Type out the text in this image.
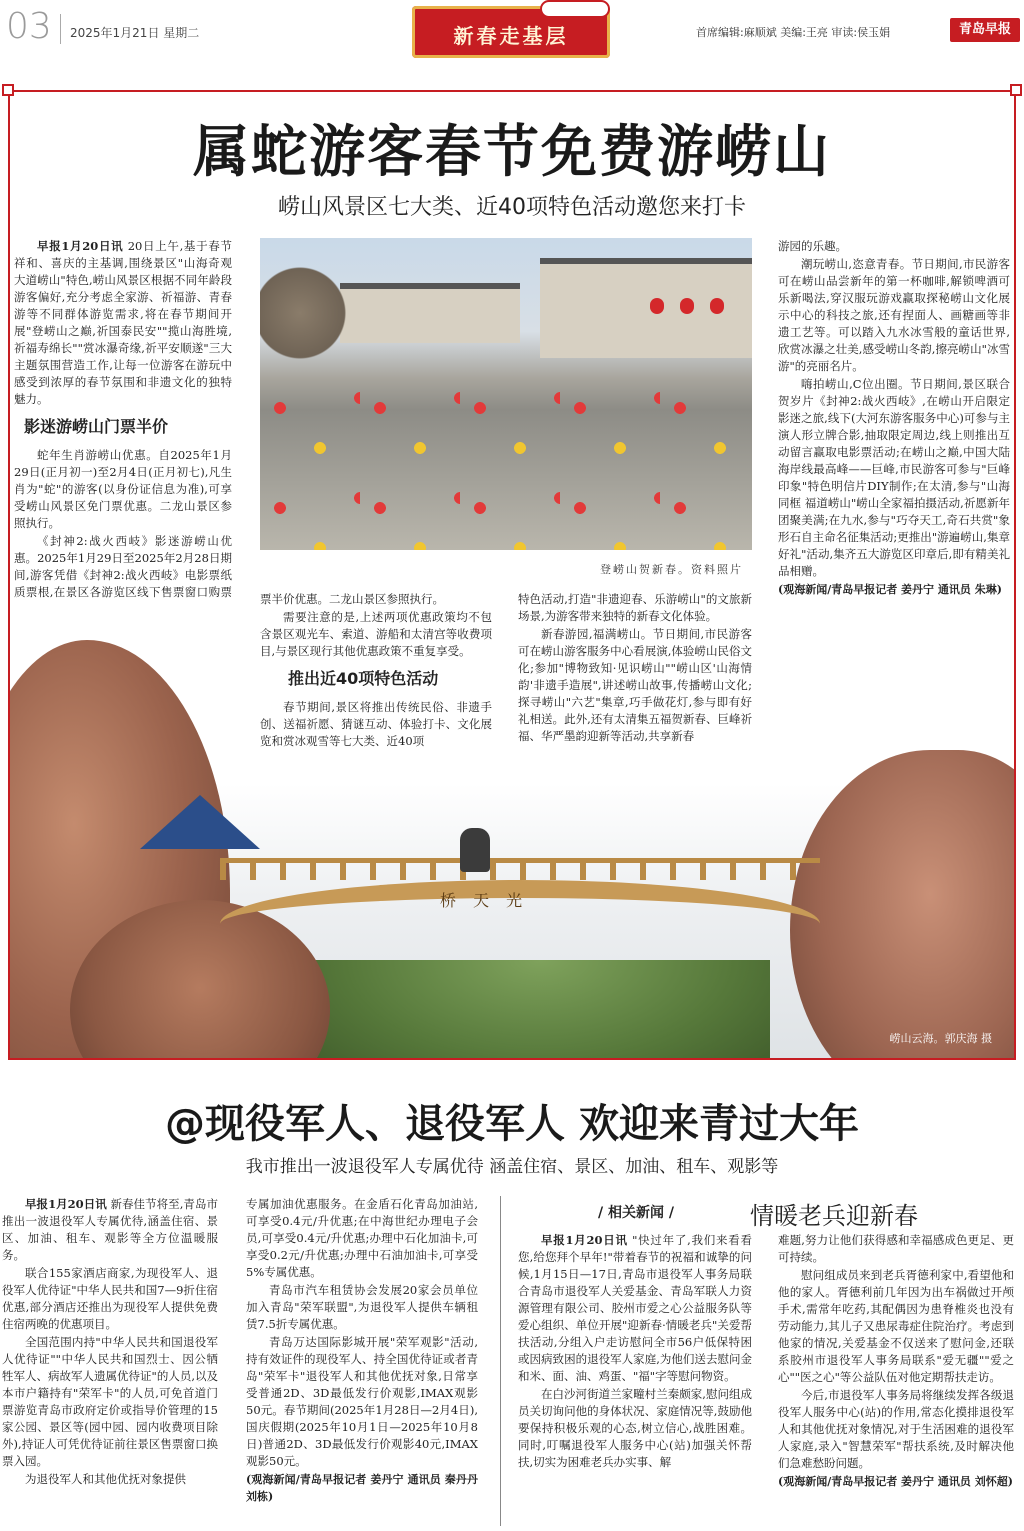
03 2025年1月21日 星期二	新春走基层	首席编辑:麻顺斌 美编:王亮 审读:侯玉娟	青岛早报
属蛇游客春节免费游崂山
崂山风景区七大类、近40项特色活动邀您来打卡

早报1月20日讯 20日上午,基于春节祥和、喜庆的主基调,围绕景区"山海奇观 大道崂山"特色,崂山风景区根据不同年龄段游客偏好,充分考虑全家游、祈福游、青春游等不同群体游览需求,将在春节期间开展"登崂山之巅,祈国泰民安""揽山海胜境,祈福寿绵长""赏冰瀑奇缘,祈平安顺遂"三大主题氛围营造工作,让每一位游客在游玩中感受到浓厚的春节氛围和非遗文化的独特魅力。

影迷游崂山门票半价

蛇年生肖游崂山优惠。自2025年1月29日(正月初一)至2月4日(正月初七),凡生肖为"蛇"的游客(以身份证信息为准),可享受崂山风景区免门票优惠。二龙山景区参照执行。

《封神2:战火西岐》影迷游崂山优惠。2025年1月29日至2025年2月28日期间,游客凭借《封神2:战火西岐》电影票纸质票根,在景区各游览区线下售票窗口购票

登崂山贺新春。资料照片
桥 天 光
崂山云海。郭庆海 摄

票半价优惠。二龙山景区参照执行。

需要注意的是,上述两项优惠政策均不包含景区观光车、索道、游船和太清宫等收费项目,与景区现行其他优惠政策不重复享受。

推出近40项特色活动

春节期间,景区将推出传统民俗、非遗手创、送福祈愿、猜谜互动、体验打卡、文化展览和赏冰观雪等七大类、近40项

特色活动,打造"非遗迎春、乐游崂山"的文旅新场景,为游客带来独特的新春文化体验。

新春游园,福满崂山。节日期间,市民游客可在崂山游客服务中心看展演,体验崂山民俗文化;参加"博物致知·见识崂山""崂山区'山海情韵'非遗手造展",讲述崂山故事,传播崂山文化;探寻崂山"六艺"集章,巧手做花灯,参与即有好礼相送。此外,还有太清集五福贺新春、巨峰祈福、华严墨韵迎新等活动,共享新春

游园的乐趣。

潮玩崂山,恣意青春。节日期间,市民游客可在崂山品尝新年的第一杯咖啡,解锁啤酒可乐新喝法,穿汉服玩游戏赢取探秘崂山文化展示中心的科技之旅,还有捏面人、画糖画等非遗工艺等。可以踏入九水冰雪般的童话世界,欣赏冰瀑之壮美,感受崂山冬韵,擦亮崂山"冰雪游"的亮丽名片。

嗨拍崂山,C位出圈。节日期间,景区联合贺岁片《封神2:战火西岐》,在崂山开启限定影迷之旅,线下(大河东游客服务中心)可参与主演人形立牌合影,抽取限定周边,线上则推出互动留言赢取电影票活动;在崂山之巅,中国大陆海岸线最高峰——巨峰,市民游客可参与"巨峰印象"特色明信片DIY制作;在太清,参与"山海同框 福道崂山"崂山全家福拍摄活动,祈愿新年团聚美满;在九水,参与"巧夺天工,奇石共赏"象形石自主命名征集活动;更推出"游遍崂山,集章好礼"活动,集齐五大游览区印章后,即有精美礼品相赠。

(观海新闻/青岛早报记者 姜丹宁 通讯员 朱琳)

@现役军人、退役军人 欢迎来青过大年
我市推出一波退役军人专属优待 涵盖住宿、景区、加油、租车、观影等

早报1月20日讯 新春佳节将至,青岛市推出一波退役军人专属优待,涵盖住宿、景区、加油、租车、观影等全方位温暖服务。

联合155家酒店商家,为现役军人、退役军人优待证"中华人民共和国7—9折住宿优惠,部分酒店还推出为现役军人提供免费住宿两晚的优惠项目。

全国范围内持"中华人民共和国退役军人优待证""中华人民共和国烈士、因公牺牲军人、病故军人遗属优待证"的人员,以及本市户籍持有"荣军卡"的人员,可免首道门票游览青岛市政府定价或指导价管理的15家公园、景区等(园中园、园内收费项目除外),持证人可凭优待证前往景区售票窗口换票入园。

为退役军人和其他优抚对象提供

专属加油优惠服务。在金盾石化青岛加油站,可享受0.4元/升优惠;在中海世纪办理电子会员,可享受0.4元/升优惠;办理中石化加油卡,可享受0.2元/升优惠;办理中石油加油卡,可享受5%专属优惠。

青岛市汽车租赁协会发展20家会员单位加入青岛"荣军联盟",为退役军人提供车辆租赁7.5折专属优惠。

青岛万达国际影城开展"荣军观影"活动,持有效证件的现役军人、持全国优待证或者青岛"荣军卡"退役军人和其他优抚对象,日常享受普通2D、3D最低发行价观影,IMAX观影50元。春节期间(2025年1月28日—2月4日),国庆假期(2025年10月1日—2025年10月8日)普通2D、3D最低发行价观影40元,IMAX观影50元。

(观海新闻/青岛早报记者 姜丹宁 通讯员 秦丹丹 刘栋)

/ 相关新闻 /	情暖老兵迎新春

早报1月20日讯 "快过年了,我们来看看您,给您拜个早年!"带着春节的祝福和诚挚的问候,1月15日—17日,青岛市退役军人事务局联合青岛市退役军人关爱基金、青岛军联人力资源管理有限公司、胶州市爱之心公益服务队等爱心组织、单位开展"迎新春·情暖老兵"关爱帮扶活动,分组入户走访慰问全市56户低保特困或因病致困的退役军人家庭,为他们送去慰问金和米、面、油、鸡蛋、"福"字等慰问物资。

在白沙河街道兰家疃村兰秦颇家,慰问组成员关切询问他的身体状况、家庭情况等,鼓励他要保持积极乐观的心态,树立信心,战胜困难。同时,叮嘱退役军人服务中心(站)加强关怀帮扶,切实为困难老兵办实事、解

难题,努力让他们获得感和幸福感成色更足、更可持续。

慰问组成员来到老兵胥德利家中,看望他和他的家人。胥德利前几年因为出车祸做过开颅手术,需常年吃药,其配偶因为患脊椎炎也没有劳动能力,其儿子又患尿毒症住院治疗。考虑到他家的情况,关爱基金不仅送来了慰问金,还联系胶州市退役军人事务局联系"爱无疆""爱之心""医之心"等公益队伍对他定期帮扶走访。

今后,市退役军人事务局将继续发挥各级退役军人服务中心(站)的作用,常态化摸排退役军人和其他优抚对象情况,对于生活困难的退役军人家庭,录入"智慧荣军"帮扶系统,及时解决他们急难愁盼问题。

(观海新闻/青岛早报记者 姜丹宁 通讯员 刘怀超)
